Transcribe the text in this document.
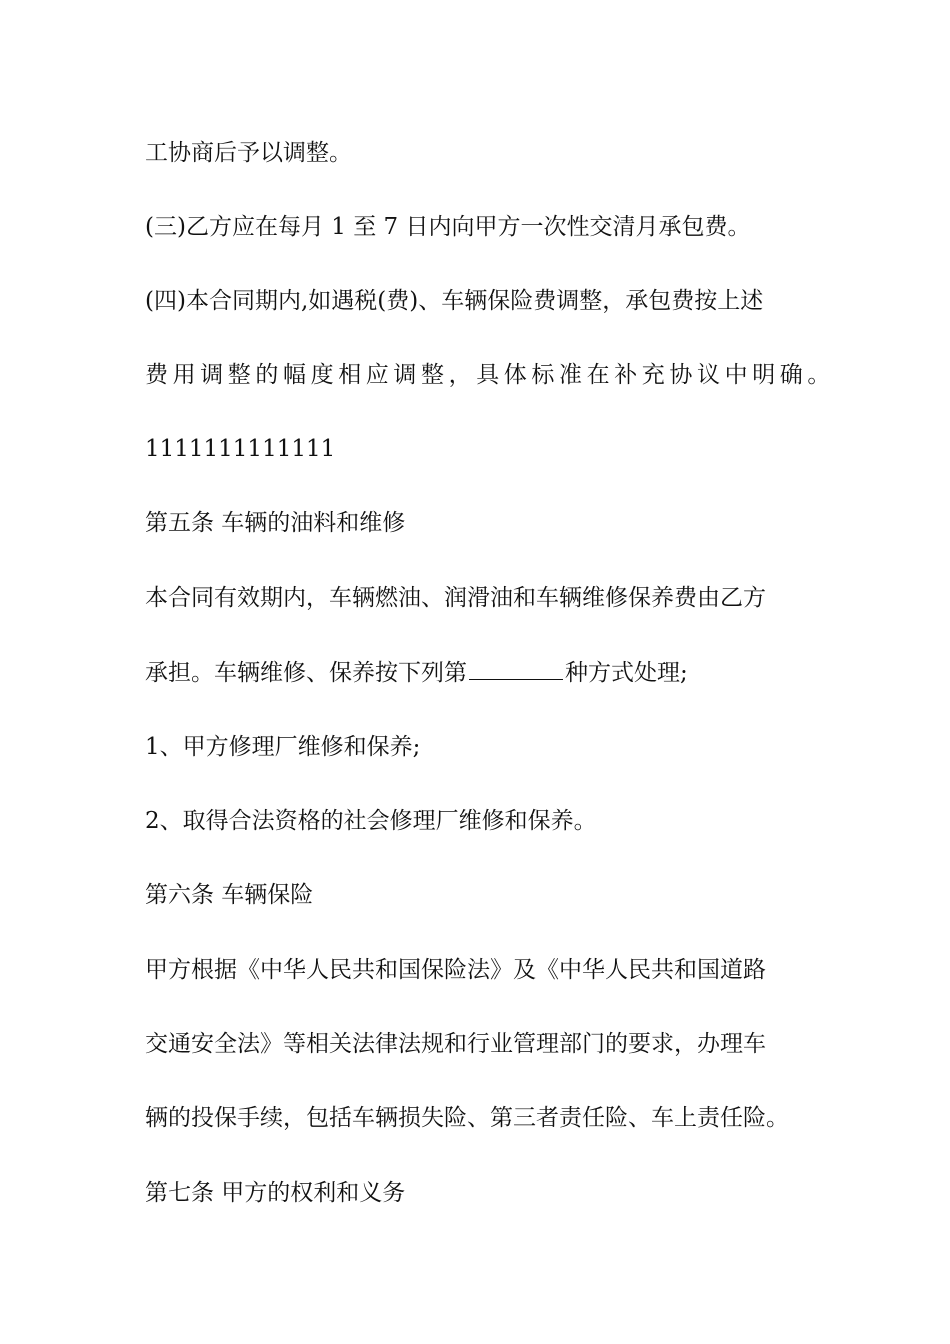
工协商后予以调整。
(三)乙方应在每月 1 至 7 日内向甲方一次性交清月承包费。
(四)本合同期内,如遇税(费)、车辆保险费调整，承包费按上述
费用调整的幅度相应调整，具体标准在补充协议中明确。
1111111111111
第五条 车辆的油料和维修
本合同有效期内，车辆燃油、润滑油和车辆维修保养费由乙方
承担。车辆维修、保养按下列第	种方式处理;
1、甲方修理厂维修和保养;
2、取得合法资格的社会修理厂维修和保养。
第六条 车辆保险
甲方根据《中华人民共和国保险法》及《中华人民共和国道路
交通安全法》等相关法律法规和行业管理部门的要求，办理车
辆的投保手续，包括车辆损失险、第三者责任险、车上责任险。
第七条 甲方的权利和义务
